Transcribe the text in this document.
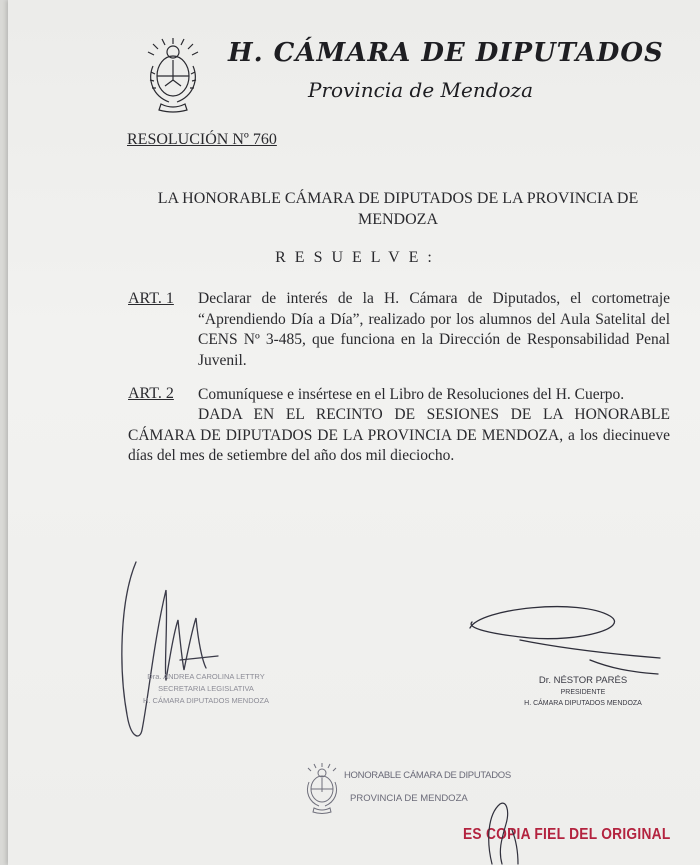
H. CÁMARA DE DIPUTADOS
Provincia de Mendoza
RESOLUCIÓN Nº 760
LA HONORABLE CÁMARA DE DIPUTADOS DE LA PROVINCIA DE
MENDOZA
RESUELVE:
ART. 1 Declarar de interés de la H. Cámara de Diputados, el cortometraje “Aprendiendo Día a Día”, realizado por los alumnos del Aula Satelital del CENS Nº 3-485, que funciona en la Dirección de Responsabilidad Penal Juvenil.
ART. 2 Comuníquese e insértese en el Libro de Resoluciones del H. Cuerpo.
DADA EN EL RECINTO DE SESIONES DE LA HONORABLE CÁMARA DE DIPUTADOS DE LA PROVINCIA DE MENDOZA, a los diecinueve días del mes de setiembre del año dos mil dieciocho.
Dra. ANDREA CAROLINA LETTRY
SECRETARIA LEGISLATIVA
H. CÁMARA DIPUTADOS MENDOZA
Dr. NÉSTOR PARÉS
PRESIDENTE
H. CÁMARA DIPUTADOS MENDOZA
HONORABLE CÁMARA DE DIPUTADOS
PROVINCIA DE MENDOZA
ES COPIA FIEL DEL ORIGINAL
